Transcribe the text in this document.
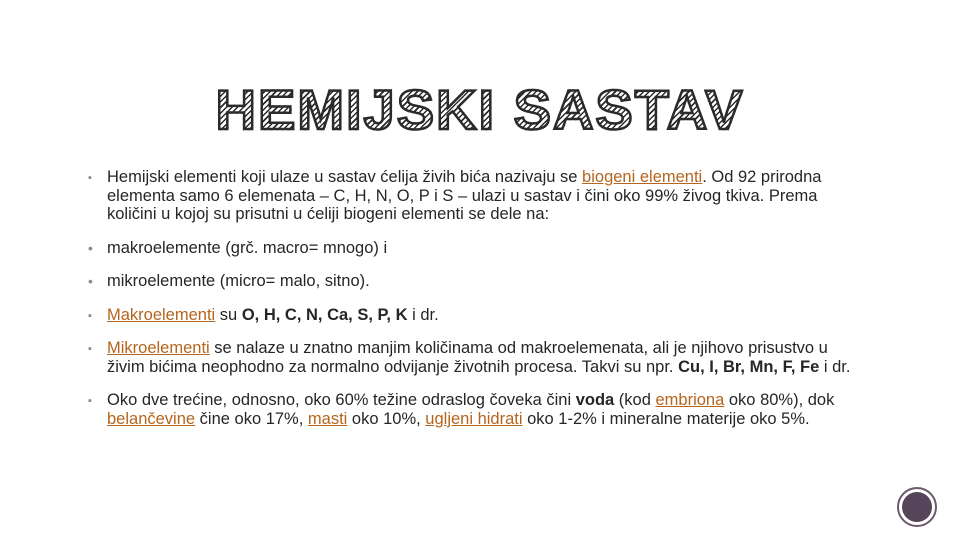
HEMIJSKI SASTAV
▪ Hemijski elementi koji ulaze u sastav ćelija živih bića nazivaju se biogeni elementi. Od 92 prirodna elementa samo 6 elemenata – C, H, N, O, P i S – ulazi u sastav i čini oko 99% živog tkiva. Prema količini u kojoj su prisutni u ćeliji biogeni elementi se dele na:
• makroelemente (grč. macro= mnogo) i
• mikroelemente (micro= malo, sitno).
▪ Makroelementi su O, H, C, N, Ca, S, P, K i dr.
▪ Mikroelementi se nalaze u znatno manjim količinama od makroelemenata, ali je njihovo prisustvo u živim bićima neophodno za normalno odvijanje životnih procesa. Takvi su npr. Cu, I, Br, Mn, F, Fe i dr.
▪ Oko dve trećine, odnosno, oko 60% težine odraslog čoveka čini voda (kod embriona oko 80%), dok belančevine čine oko 17%, masti oko 10%, ugljeni hidrati oko 1-2% i mineralne materije oko 5%.
